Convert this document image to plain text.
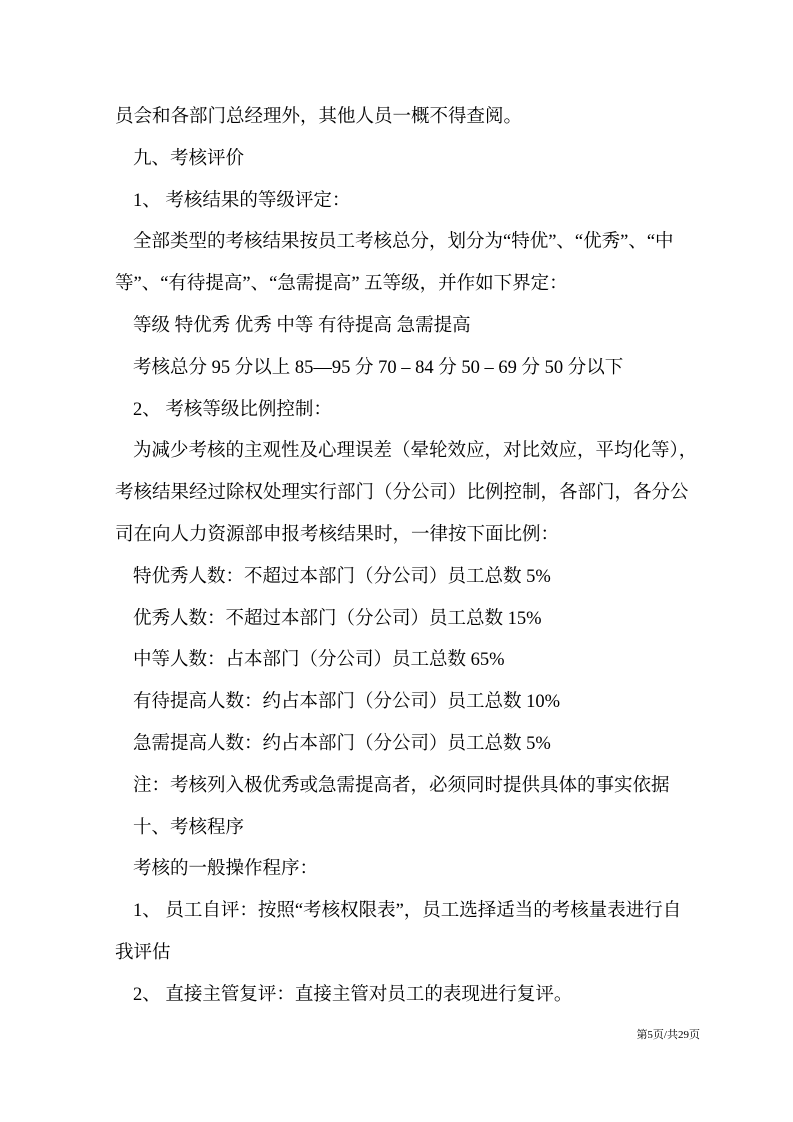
员会和各部门总经理外，其他人员一概不得查阅。
九、考核评价
1、 考核结果的等级评定：
全部类型的考核结果按员工考核总分，划分为“特优”、“优秀”、“中
等”、“有待提高”、“急需提高” 五等级，并作如下界定：
等级 特优秀 优秀 中等 有待提高 急需提高
考核总分 95 分以上 85—95 分 70 – 84 分 50 – 69 分 50 分以下
2、 考核等级比例控制：
为减少考核的主观性及心理误差（晕轮效应，对比效应，平均化等），
考核结果经过除权处理实行部门（分公司）比例控制，各部门，各分公
司在向人力资源部申报考核结果时，一律按下面比例：
特优秀人数：不超过本部门（分公司）员工总数 5%
优秀人数：不超过本部门（分公司）员工总数 15%
中等人数：占本部门（分公司）员工总数 65%
有待提高人数：约占本部门（分公司）员工总数 10%
急需提高人数：约占本部门（分公司）员工总数 5%
注：考核列入极优秀或急需提高者，必须同时提供具体的事实依据
十、考核程序
考核的一般操作程序：
1、 员工自评：按照“考核权限表”，员工选择适当的考核量表进行自
我评估
2、 直接主管复评：直接主管对员工的表现进行复评。
第5页/共29页
